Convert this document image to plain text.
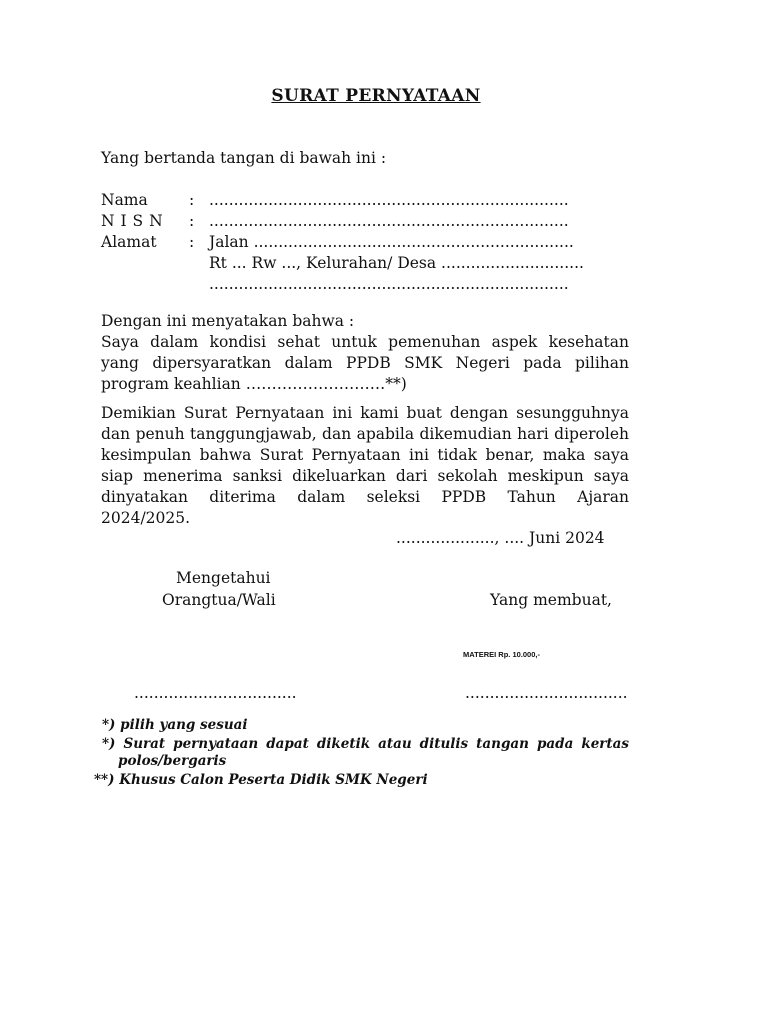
SURAT PERNYATAAN
Yang bertanda tangan di bawah ini :
Nama	: .........................................................................
N I S N : .........................................................................
Alamat : Jalan .................................................................
Rt ... Rw ..., Kelurahan/ Desa .............................
.........................................................................
Dengan ini menyatakan bahwa :
Saya dalam kondisi sehat untuk pemenuhan aspek kesehatan
yang dipersyaratkan dalam PPDB SMK Negeri pada pilihan
program keahlian ………………………**)
Demikian Surat Pernyataan ini kami buat dengan sesungguhnya
dan penuh tanggungjawab, dan apabila dikemudian hari diperoleh
kesimpulan bahwa Surat Pernyataan ini tidak benar, maka saya
siap menerima sanksi dikeluarkan dari sekolah meskipun saya
dinyatakan diterima dalam seleksi PPDB Tahun Ajaran
2024/2025.
...................., .... Juni 2024
Mengetahui
Orangtua/Wali	Yang membuat,
MATEREI Rp. 10.000,-
.................................	.................................
*) pilih yang sesuai
*) Surat pernyataan dapat diketik atau ditulis tangan pada kertas
polos/bergaris
**) Khusus Calon Peserta Didik SMK Negeri
